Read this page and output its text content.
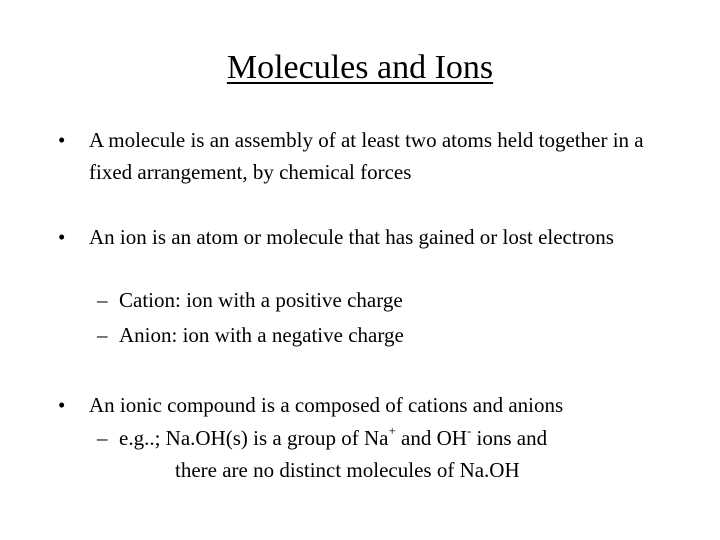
Molecules and Ions
•	A molecule is an assembly of at least two atoms held together in a fixed arrangement, by chemical forces
•	An ion is an atom or molecule that has gained or lost electrons
– Cation: ion with a positive charge
– Anion: ion with a negative charge
•	An ionic compound is a composed of cations and anions
– e.g..; Na.OH(s) is a group of Na+ and OH- ions and
there are no distinct molecules of Na.OH
